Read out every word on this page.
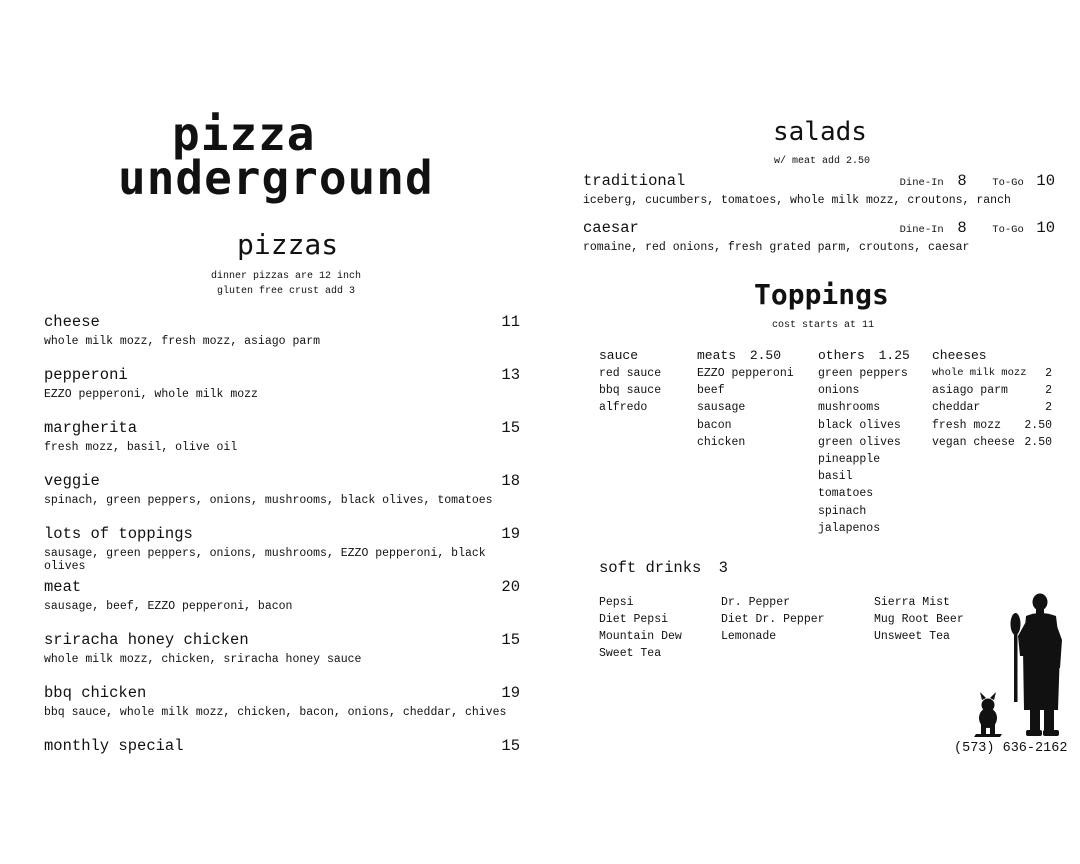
pizza
underground
pizzas
dinner pizzas are 12 inch
gluten free crust add 3
cheese	11
whole milk mozz, fresh mozz, asiago parm
pepperoni	13
EZZO pepperoni, whole milk mozz
margherita	15
fresh mozz, basil, olive oil
veggie	18
spinach, green peppers, onions, mushrooms, black olives, tomatoes
lots of toppings	19
sausage, green peppers, onions, mushrooms, EZZO pepperoni, black olives
meat	20
sausage, beef, EZZO pepperoni, bacon
sriracha honey chicken	15
whole milk mozz, chicken, sriracha honey sauce
bbq chicken	19
bbq sauce, whole milk mozz, chicken, bacon, onions, cheddar, chives
monthly special	15
salads
w/ meat add 2.50
traditional	Dine-In 8 To-Go 10
iceberg, cucumbers, tomatoes, whole milk mozz, croutons, ranch
caesar	Dine-In 8 To-Go 10
romaine, red onions, fresh grated parm, croutons, caesar
Toppings
cost starts at 11
sauce
red sauce
bbq sauce
alfredo
meats 2.50
EZZO pepperoni
beef
sausage
bacon
chicken
others 1.25
green peppers
onions
mushrooms
black olives
green olives
pineapple
basil
tomatoes
spinach
jalapenos
cheeses
whole milk mozz 2
asiago parm	2
cheddar	2
fresh mozz 2.50
vegan cheese 2.50
soft drinks 3
Pepsi
Diet Pepsi
Mountain Dew
Sweet Tea
Dr. Pepper
Diet Dr. Pepper
Lemonade
Sierra Mist
Mug Root Beer
Unsweet Tea
(573) 636-2162
